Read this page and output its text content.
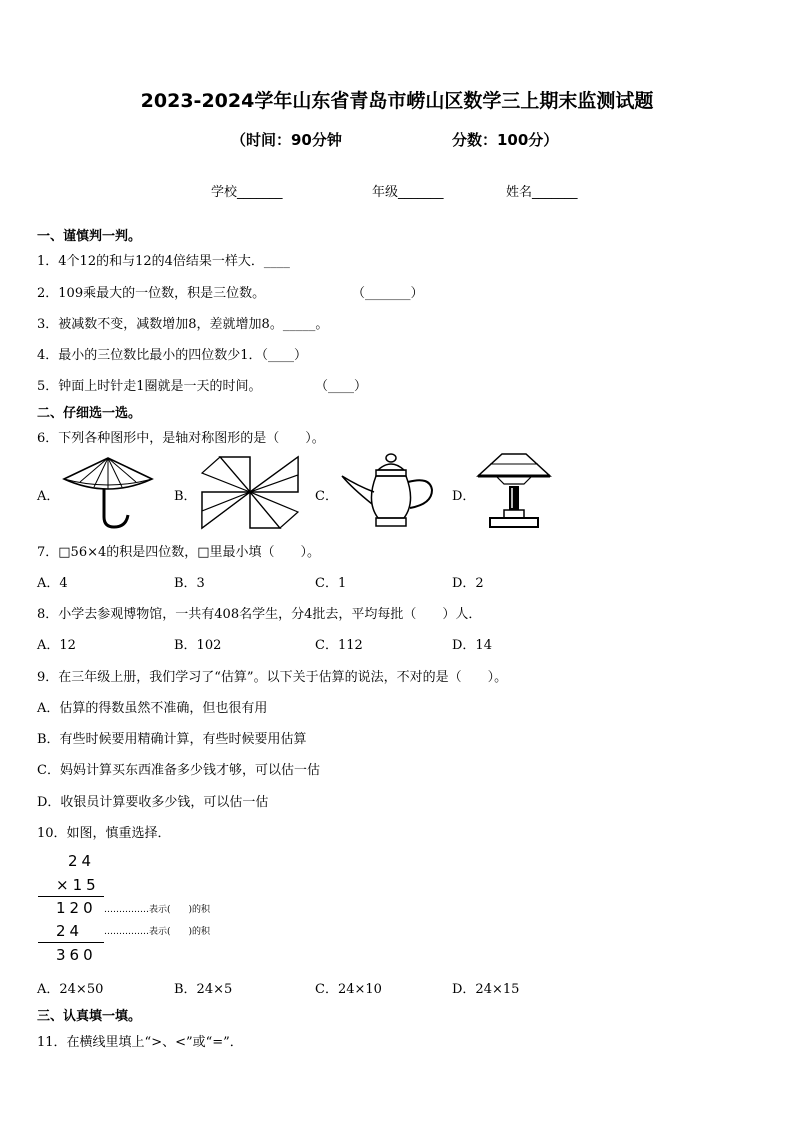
2023-2024学年山东省青岛市崂山区数学三上期末监测试题
（时间：90分钟	分数：100分）
学校_______	年级_______	姓名_______
一、谨慎判一判。
1．4个12的和与12的4倍结果一样大．____
2．109乘最大的一位数，积是三位数。	（_______）
3．被减数不变，减数增加8，差就增加8。_____。
4．最小的三位数比最小的四位数少1．（____）
5．钟面上时针走1圈就是一天的时间。	（____）
二、仔细选一选。
6．下列各种图形中，是轴对称图形的是（　　）。
A．	B．	C．	D．
7．□56×4的积是四位数，□里最小填（　　）。
A．4	B．3	C．1	D．2
8．小学去参观博物馆，一共有408名学生，分4批去，平均每批（　　）人．
A．12	B．102	C．112	D．14
9．在三年级上册，我们学习了“估算”。以下关于估算的说法，不对的是（　　）。
A．估算的得数虽然不准确，但也很有用
B．有些时候要用精确计算，有些时候要用估算
C．妈妈计算买东西准备多少钱才够，可以估一估
D．收银员计算要收多少钱，可以估一估
10．如图，慎重选择．
24
×15
120 ……………表示(　　)的积
24 ……………表示(　　)的积
360
A．24×50	B．24×5	C．24×10	D．24×15
三、认真填一填。
11．在横线里填上“>、<”或“=”．
